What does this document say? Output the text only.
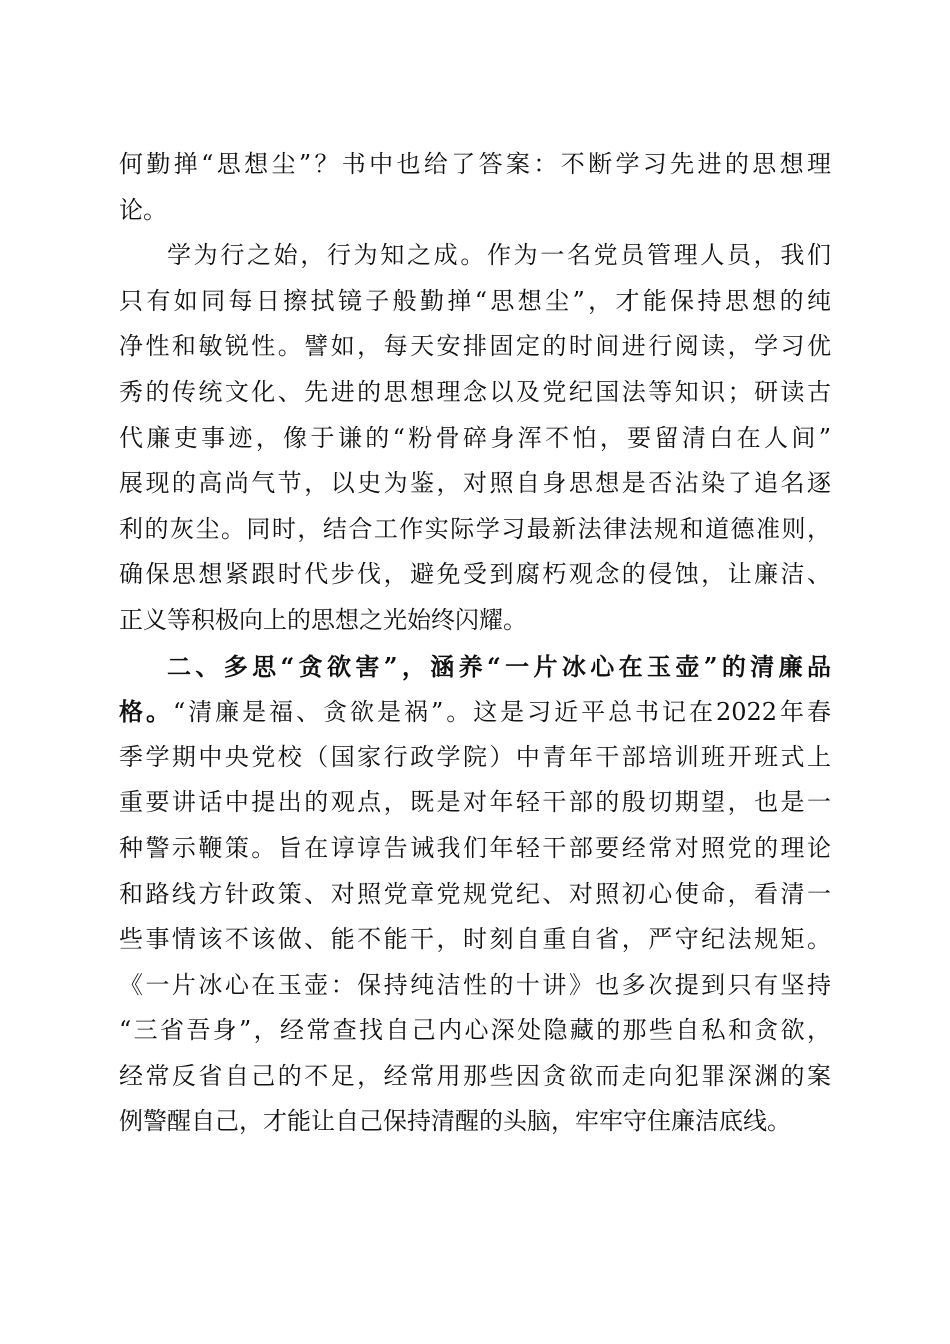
何勤掸“思想尘”？书中也给了答案：不断学习先进的思想理
论。
学为行之始，行为知之成。作为一名党员管理人员，我们
只有如同每日擦拭镜子般勤掸“思想尘”，才能保持思想的纯
净性和敏锐性。譬如，每天安排固定的时间进行阅读，学习优
秀的传统文化、先进的思想理念以及党纪国法等知识；研读古
代廉吏事迹，像于谦的“粉骨碎身浑不怕，要留清白在人间”
展现的高尚气节，以史为鉴，对照自身思想是否沾染了追名逐
利的灰尘。同时，结合工作实际学习最新法律法规和道德准则，
确保思想紧跟时代步伐，避免受到腐朽观念的侵蚀，让廉洁、
正义等积极向上的思想之光始终闪耀。
二、多思“贪欲害”，涵养“一片冰心在玉壶”的清廉品
格。“清廉是福、贪欲是祸”。这是习近平总书记在2022年春
季学期中央党校（国家行政学院）中青年干部培训班开班式上
重要讲话中提出的观点，既是对年轻干部的殷切期望，也是一
种警示鞭策。旨在谆谆告诫我们年轻干部要经常对照党的理论
和路线方针政策、对照党章党规党纪、对照初心使命，看清一
些事情该不该做、能不能干，时刻自重自省，严守纪法规矩。
《一片冰心在玉壶：保持纯洁性的十讲》也多次提到只有坚持
“三省吾身”，经常查找自己内心深处隐藏的那些自私和贪欲，
经常反省自己的不足，经常用那些因贪欲而走向犯罪深渊的案
例警醒自己，才能让自己保持清醒的头脑，牢牢守住廉洁底线。
